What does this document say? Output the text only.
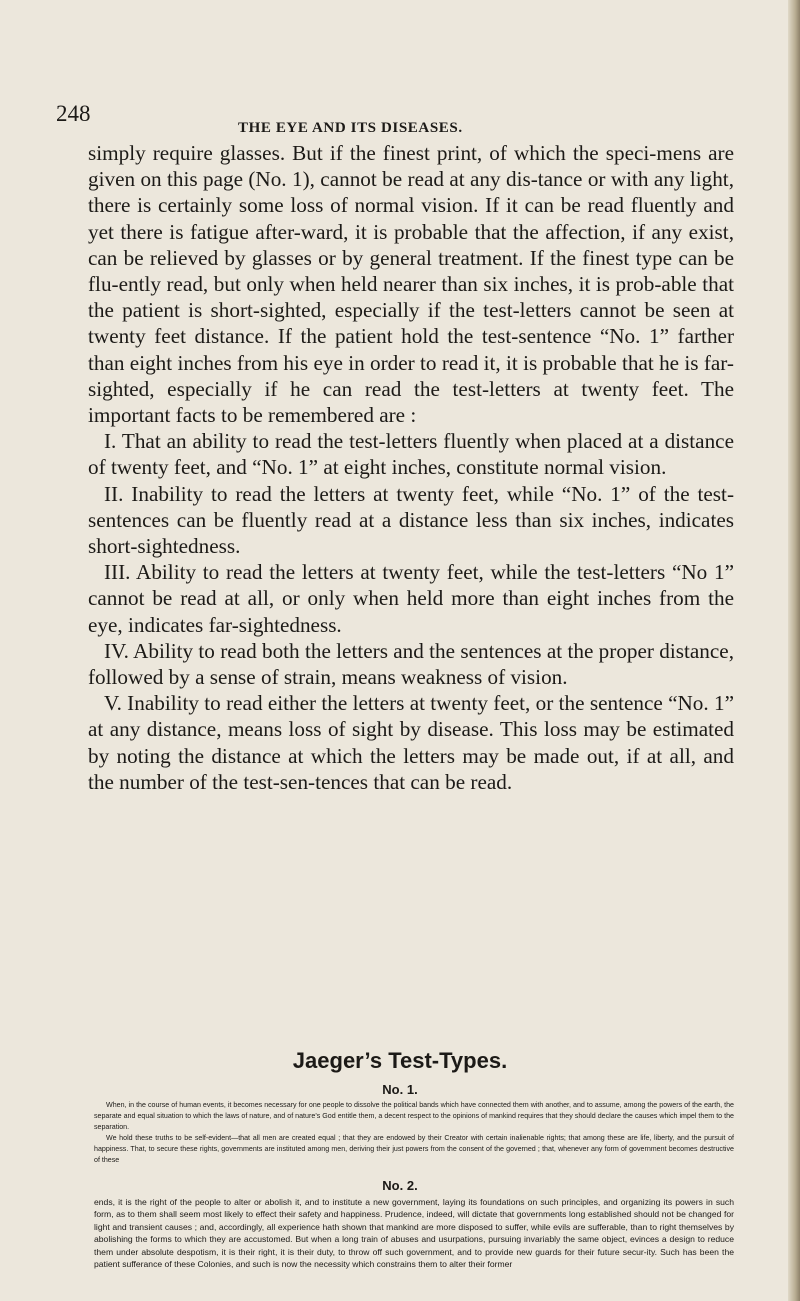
248
THE EYE AND ITS DISEASES.

simply require glasses. But if the finest print, of which the speci-mens are given on this page (No. 1), cannot be read at any dis-tance or with any light, there is certainly some loss of normal vision. If it can be read fluently and yet there is fatigue after-ward, it is probable that the affection, if any exist, can be relieved by glasses or by general treatment. If the finest type can be flu-ently read, but only when held nearer than six inches, it is prob-able that the patient is short-sighted, especially if the test-letters cannot be seen at twenty feet distance. If the patient hold the test-sentence “No. 1” farther than eight inches from his eye in order to read it, it is probable that he is far-sighted, especially if he can read the test-letters at twenty feet. The important facts to be remembered are :

I. That an ability to read the test-letters fluently when placed at a distance of twenty feet, and “No. 1” at eight inches, constitute normal vision.

II. Inability to read the letters at twenty feet, while “No. 1” of the test-sentences can be fluently read at a distance less than six inches, indicates short-sightedness.

III. Ability to read the letters at twenty feet, while the test-letters “No 1” cannot be read at all, or only when held more than eight inches from the eye, indicates far-sightedness.

IV. Ability to read both the letters and the sentences at the proper distance, followed by a sense of strain, means weakness of vision.

V. Inability to read either the letters at twenty feet, or the sentence “No. 1” at any distance, means loss of sight by disease. This loss may be estimated by noting the distance at which the letters may be made out, if at all, and the number of the test-sen-tences that can be read.

Jaeger’s Test-Types.
No. 1.

When, in the course of human events, it becomes necessary for one people to dissolve the political bands which have connected them with another, and to assume, among the powers of the earth, the separate and equal situation to which the laws of nature, and of nature’s God entitle them, a decent respect to the opinions of mankind requires that they should declare the causes which impel them to the separation.

We hold these truths to be self-evident—that all men are created equal ; that they are endowed by their Creator with certain inalienable rights; that among these are life, liberty, and the pursuit of happiness. That, to secure these rights, governments are instituted among men, deriving their just powers from the consent of the governed ; that, whenever any form of government becomes destructive of these

No. 2.

ends, it is the right of the people to alter or abolish it, and to institute a new government, laying its foundations on such principles, and organizing its powers in such form, as to them shall seem most likely to effect their safety and happiness. Prudence, indeed, will dictate that governments long established should not be changed for light and transient causes ; and, accordingly, all experience hath shown that mankind are more disposed to suffer, while evils are sufferable, than to right themselves by abolishing the forms to which they are accustomed. But when a long train of abuses and usurpations, pursuing invariably the same object, evinces a design to reduce them under absolute despotism, it is their right, it is their duty, to throw off such government, and to provide new guards for their future secur-ity. Such has been the patient sufferance of these Colonies, and such is now the necessity which constrains them to alter their former
